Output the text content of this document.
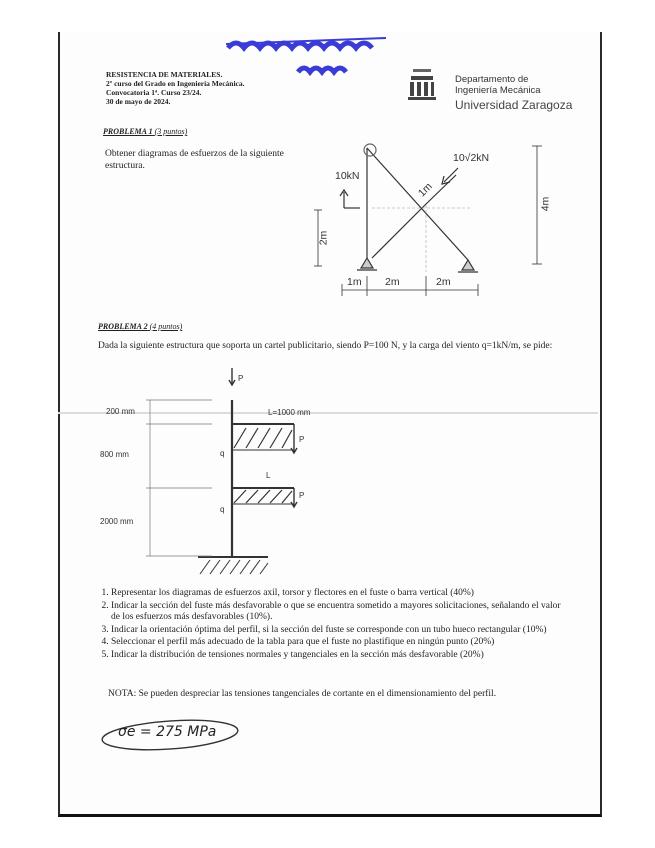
RESISTENCIA DE MATERIALES.
2º curso del Grado en Ingeniería Mecánica.
Convocatoria 1ª. Curso 23/24.
30 de mayo de 2024.
Departamento de
Ingeniería Mecánica
Universidad Zaragoza
PROBLEMA 1 (3 puntos)
Obtener diagramas de esfuerzos de la siguiente estructura.
10kN
10√2kN
1m
2m
4m
1m 2m	2m
PROBLEMA 2 (4 puntos)
Dada la siguiente estructura que soporta un cartel publicitario, siendo P=100 N, y la carga del viento q=1kN/m, se pide:
P
200 mm	L=1000 mm
P
q
800 mm
L
P
q
2000 mm
1. Representar los diagramas de esfuerzos axil, torsor y flectores en el fuste o barra vertical (40%)
2. Indicar la sección del fuste más desfavorable o que se encuentra sometido a mayores solicitaciones, señalando el valor de los esfuerzos más desfavorables (10%).
3. Indicar la orientación óptima del perfil, si la sección del fuste se corresponde con un tubo hueco rectangular (10%)
4. Seleccionar el perfil más adecuado de la tabla para que el fuste no plastifique en ningún punto (20%)
5. Indicar la distribución de tensiones normales y tangenciales en la sección más desfavorable (20%)
NOTA: Se pueden despreciar las tensiones tangenciales de cortante en el dimensionamiento del perfil.
σe = 275 MPa
